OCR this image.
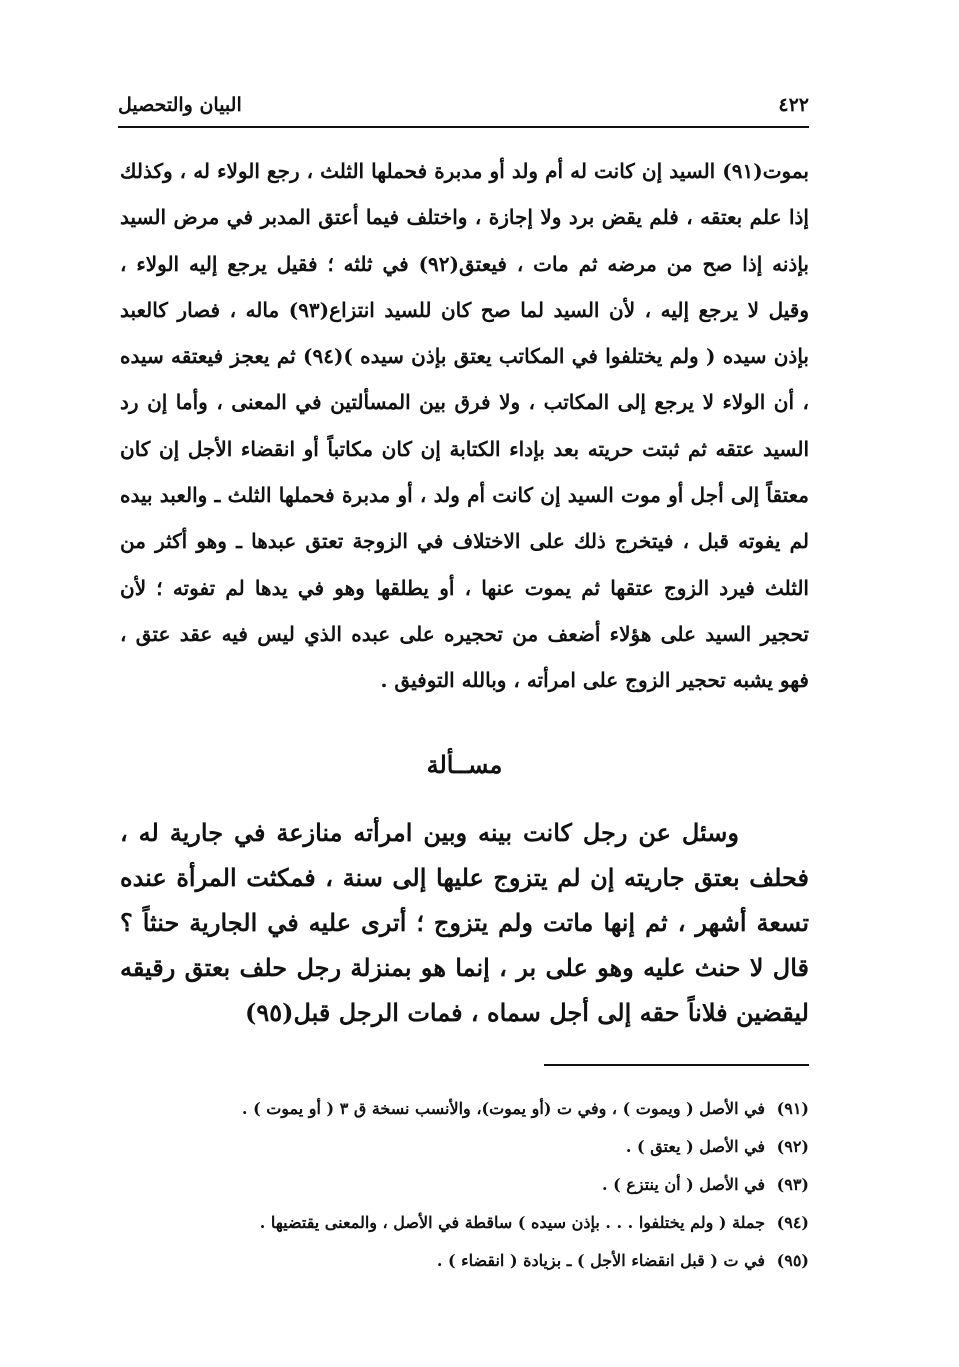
٤٢٢
البيان والتحصيل

بموت(٩١) السيد إن كانت له أم ولد أو مدبرة فحملها الثلث ، رجع الولاء له ، وكذلك إذا علم بعتقه ، فلم يقض برد ولا إجازة ، واختلف فيما أعتق المدبر في مرض السيد بإذنه إذا صح من مرضه ثم مات ، فيعتق(٩٢) في ثلثه ؛ فقيل يرجع إليه الولاء ، وقيل لا يرجع إليه ، لأن السيد لما صح كان للسيد انتزاع(٩٣) ماله ، فصار كالعبد بإذن سيده ( ولم يختلفوا في المكاتب يعتق بإذن سيده )(٩٤) ثم يعجز فيعتقه سيده ، أن الولاء لا يرجع إلى المكاتب ، ولا فرق بين المسألتين في المعنى ، وأما إن رد السيد عتقه ثم ثبتت حريته بعد بإداء الكتابة إن كان مكاتباً أو انقضاء الأجل إن كان معتقاً إلى أجل أو موت السيد إن كانت أم ولد ، أو مدبرة فحملها الثلث ـ والعبد بيده لم يفوته قبل ، فيتخرج ذلك على الاختلاف في الزوجة تعتق عبدها ـ وهو أكثر من الثلث فيرد الزوج عتقها ثم يموت عنها ، أو يطلقها وهو في يدها لم تفوته ؛ لأن تحجير السيد على هؤلاء أضعف من تحجيره على عبده الذي ليس فيه عقد عتق ، فهو يشبه تحجير الزوج على امرأته ، وبالله التوفيق .

مســألة

وسئل عن رجل كانت بينه وبين امرأته منازعة في جارية له ، فحلف بعتق جاريته إن لم يتزوج عليها إلى سنة ، فمكثت المرأة عنده تسعة أشهر ، ثم إنها ماتت ولم يتزوج ؛ أترى عليه في الجارية حنثاً ؟ قال لا حنث عليه وهو على بر ، إنما هو بمنزلة رجل حلف بعتق رقيقه ليقضين فلاناً حقه إلى أجل سماه ، فمات الرجل قبل(٩٥)

(٩١) في الأصل ( ويموت ) ، وفي ت (أو يموت)، والأنسب نسخة ق ٣ ( أو يموت ) .
(٩٢) في الأصل ( يعتق ) .
(٩٣) في الأصل ( أن ينتزع ) .
(٩٤) جملة ( ولم يختلفوا . . . بإذن سيده ) ساقطة في الأصل ، والمعنى يقتضيها .
(٩٥) في ت ( قبل انقضاء الأجل ) ـ بزيادة ( انقضاء ) .
